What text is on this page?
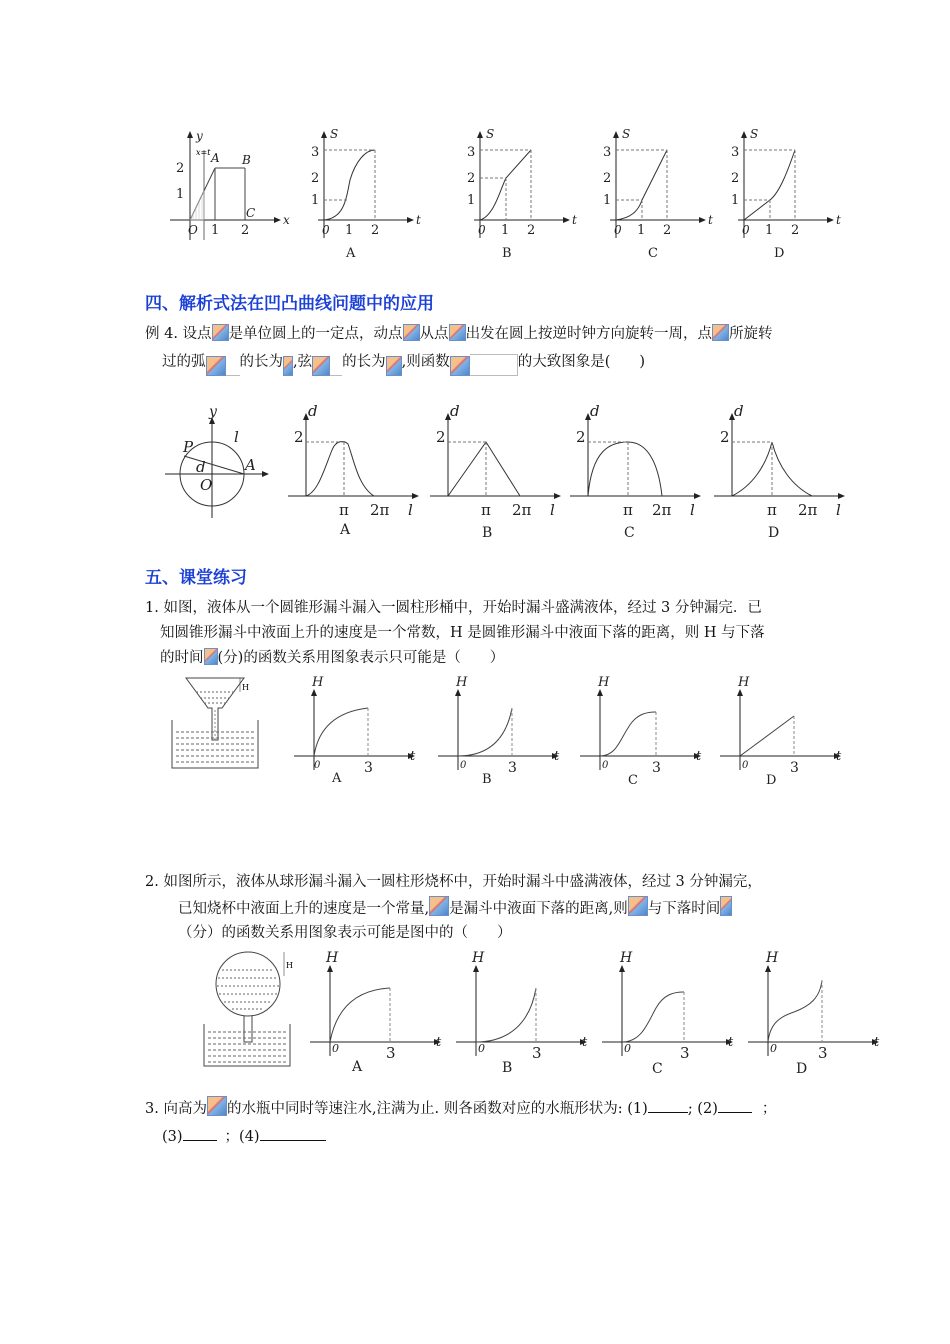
y
x
x=t A B
C
2
1
O 1 2
S
t
3
2
1
0 1 2
A
S
t
3
2
1
0 1 2
B
S
t
3
2
1
0 1 2
C
S
t
3
2
1
0 1 2
D
四、解析式法在凹凸曲线问题中的应用
例 4. 设点 是单位圆上的一定点，动点 从点 出发在圆上按逆时钟方向旋转一周，点 所旋转
过的弧 的长为 ,弦 的长为 ,则函数	的大致图象是(　　)
y
P
l
d
O
A
d
2
π 2π l
A
d
2
π 2π l
B
d
2
π 2π l
C
d
2
π 2π l
D
五、课堂练习
1. 如图，液体从一个圆锥形漏斗漏入一圆柱形桶中，开始时漏斗盛满液体，经过 3 分钟漏完．已
知圆锥形漏斗中液面上升的速度是一个常数，H 是圆锥形漏斗中液面下落的距离，则 H 与下落
的时间 (分)的函数关系用图象表示只可能是（　　）
H	H
t
0	3
A
H
t
0	3
B
H
t
0	3
C
H
t
0	3
D
2. 如图所示，液体从球形漏斗漏入一圆柱形烧杯中，开始时漏斗中盛满液体，经过 3 分钟漏完，
已知烧杯中液面上升的速度是一个常量, 是漏斗中液面下落的距离,则 与下落时间
（分）的函数关系用图象表示可能是图中的（　　）
H H
t
0	3
A
H
t
0	3
B
H
t
0	3
C
H
t
0	3
D
3. 向高为 的水瓶中同时等速注水,注满为止. 则各函数对应的水瓶形状为: (1)	; (2)	；
(3)	；(4)
